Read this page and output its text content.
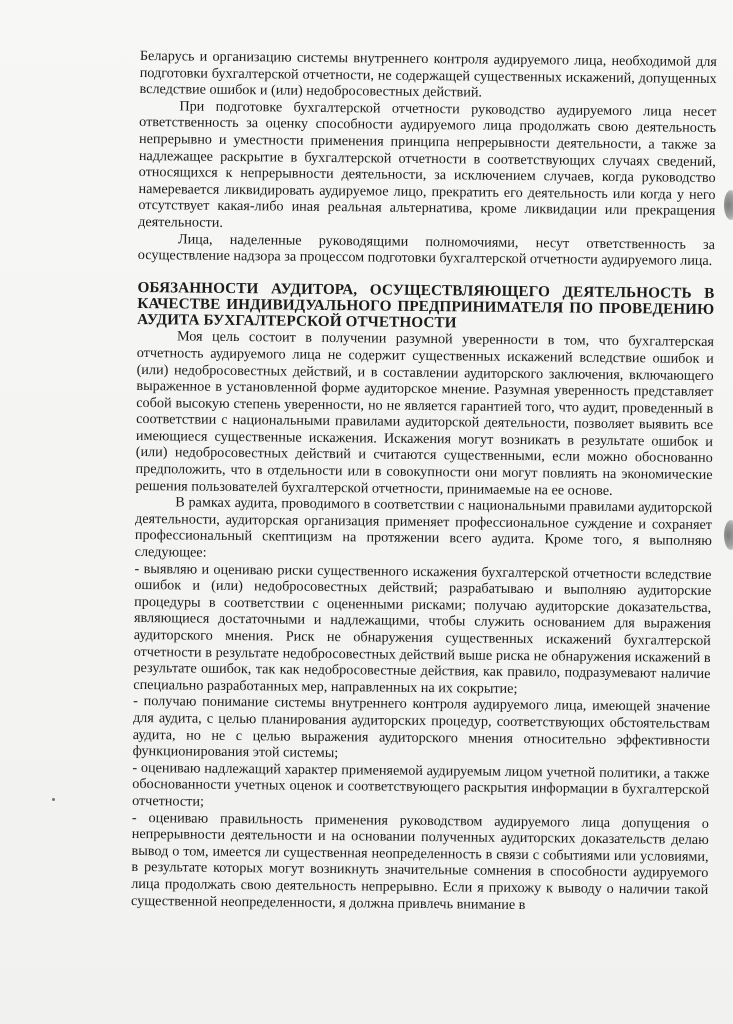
Беларусь и организацию системы внутреннего контроля аудируемого лица, необходимой для подготовки бухгалтерской отчетности, не содержащей существенных искажений, допущенных вследствие ошибок и (или) недобросовестных действий.

При подготовке бухгалтерской отчетности руководство аудируемого лица несет ответственность за оценку способности аудируемого лица продолжать свою деятельность непрерывно и уместности применения принципа непрерывности деятельности, а также за надлежащее раскрытие в бухгалтерской отчетности в соответствующих случаях сведений, относящихся к непрерывности деятельности, за исключением случаев, когда руководство намеревается ликвидировать аудируемое лицо, прекратить его деятельность или когда у него отсутствует какая-либо иная реальная альтернатива, кроме ликвидации или прекращения деятельности.

Лица, наделенные руководящими полномочиями, несут ответственность за осуществление надзора за процессом подготовки бухгалтерской отчетности аудируемого лица.

ОБЯЗАННОСТИ АУДИТОРА, ОСУЩЕСТВЛЯЮЩЕГО ДЕЯТЕЛЬНОСТЬ В КАЧЕСТВЕ ИНДИВИДУАЛЬНОГО ПРЕДПРИНИМАТЕЛЯ ПО ПРОВЕДЕНИЮ АУДИТА БУХГАЛТЕРСКОЙ ОТЧЕТНОСТИ

Моя цель состоит в получении разумной уверенности в том, что бухгалтерская отчетность аудируемого лица не содержит существенных искажений вследствие ошибок и (или) недобросовестных действий, и в составлении аудиторского заключения, включающего выраженное в установленной форме аудиторское мнение. Разумная уверенность представляет собой высокую степень уверенности, но не является гарантией того, что аудит, проведенный в соответствии с национальными правилами аудиторской деятельности, позволяет выявить все имеющиеся существенные искажения. Искажения могут возникать в результате ошибок и (или) недобросовестных действий и считаются существенными, если можно обоснованно предположить, что в отдельности или в совокупности они могут повлиять на экономические решения пользователей бухгалтерской отчетности, принимаемые на ее основе.

В рамках аудита, проводимого в соответствии с национальными правилами аудиторской деятельности, аудиторская организация применяет профессиональное суждение и сохраняет профессиональный скептицизм на протяжении всего аудита. Кроме того, я выполняю следующее:

- выявляю и оцениваю риски существенного искажения бухгалтерской отчетности вследствие ошибок и (или) недобросовестных действий; разрабатываю и выполняю аудиторские процедуры в соответствии с оцененными рисками; получаю аудиторские доказательства, являющиеся достаточными и надлежащими, чтобы служить основанием для выражения аудиторского мнения. Риск не обнаружения существенных искажений бухгалтерской отчетности в результате недобросовестных действий выше риска не обнаружения искажений в результате ошибок, так как недобросовестные действия, как правило, подразумевают наличие специально разработанных мер, направленных на их сокрытие;

- получаю понимание системы внутреннего контроля аудируемого лица, имеющей значение для аудита, с целью планирования аудиторских процедур, соответствующих обстоятельствам аудита, но не с целью выражения аудиторского мнения относительно эффективности функционирования этой системы;

- оцениваю надлежащий характер применяемой аудируемым лицом учетной политики, а также обоснованности учетных оценок и соответствующего раскрытия информации в бухгалтерской отчетности;

- оцениваю правильность применения руководством аудируемого лица допущения о непрерывности деятельности и на основании полученных аудиторских доказательств делаю вывод о том, имеется ли существенная неопределенность в связи с событиями или условиями, в результате которых могут возникнуть значительные сомнения в способности аудируемого лица продолжать свою деятельность непрерывно. Если я прихожу к выводу о наличии такой существенной неопределенности, я должна привлечь внимание в
